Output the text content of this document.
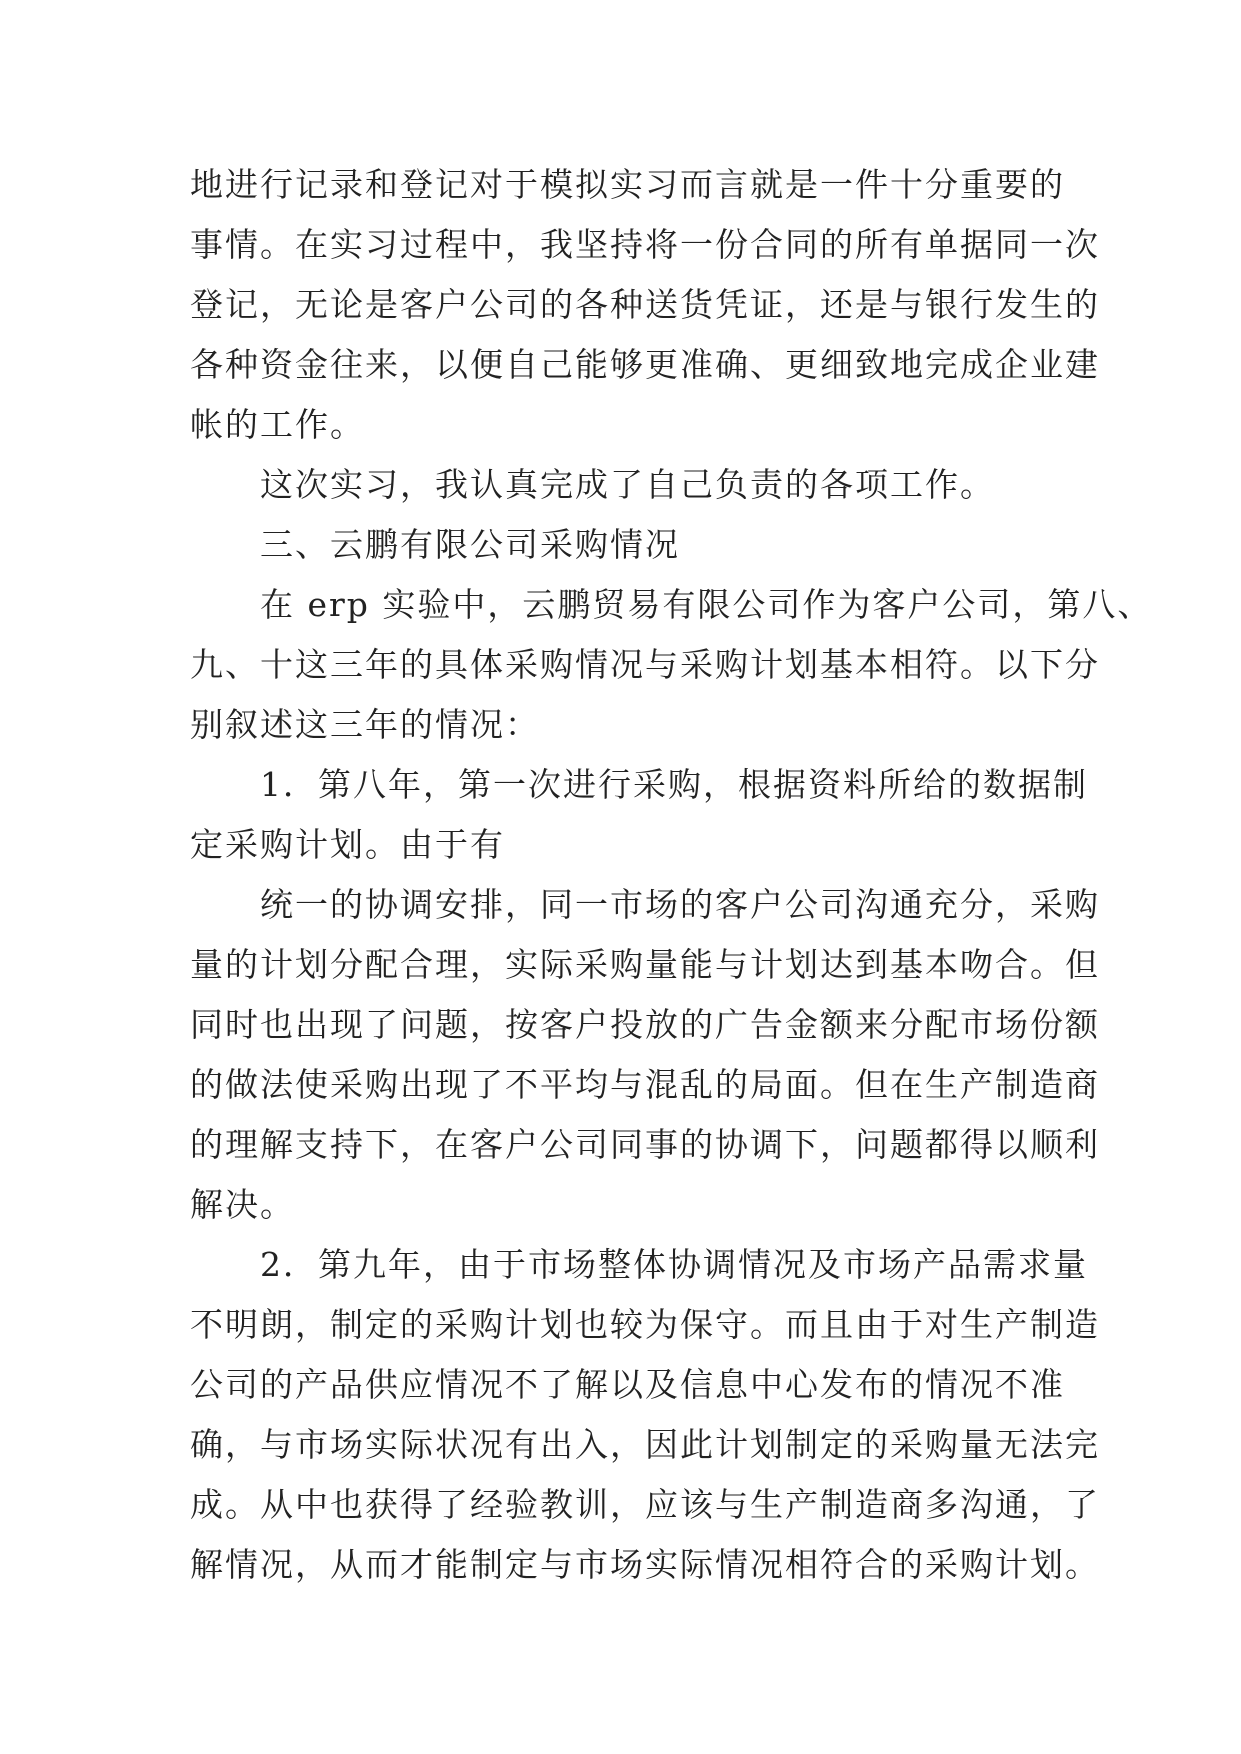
地进行记录和登记对于模拟实习而言就是一件十分重要的
事情。在实习过程中，我坚持将一份合同的所有单据同一次
登记，无论是客户公司的各种送货凭证，还是与银行发生的
各种资金往来，以便自己能够更准确、更细致地完成企业建
帐的工作。
这次实习，我认真完成了自己负责的各项工作。
三、云鹏有限公司采购情况
在 erp 实验中，云鹏贸易有限公司作为客户公司，第八、
九、十这三年的具体采购情况与采购计划基本相符。以下分
别叙述这三年的情况：
1．第八年，第一次进行采购，根据资料所给的数据制
定采购计划。由于有
统一的协调安排，同一市场的客户公司沟通充分，采购
量的计划分配合理，实际采购量能与计划达到基本吻合。但
同时也出现了问题，按客户投放的广告金额来分配市场份额
的做法使采购出现了不平均与混乱的局面。但在生产制造商
的理解支持下，在客户公司同事的协调下，问题都得以顺利
解决。
2．第九年，由于市场整体协调情况及市场产品需求量
不明朗，制定的采购计划也较为保守。而且由于对生产制造
公司的产品供应情况不了解以及信息中心发布的情况不准
确，与市场实际状况有出入，因此计划制定的采购量无法完
成。从中也获得了经验教训，应该与生产制造商多沟通，了
解情况，从而才能制定与市场实际情况相符合的采购计划。
